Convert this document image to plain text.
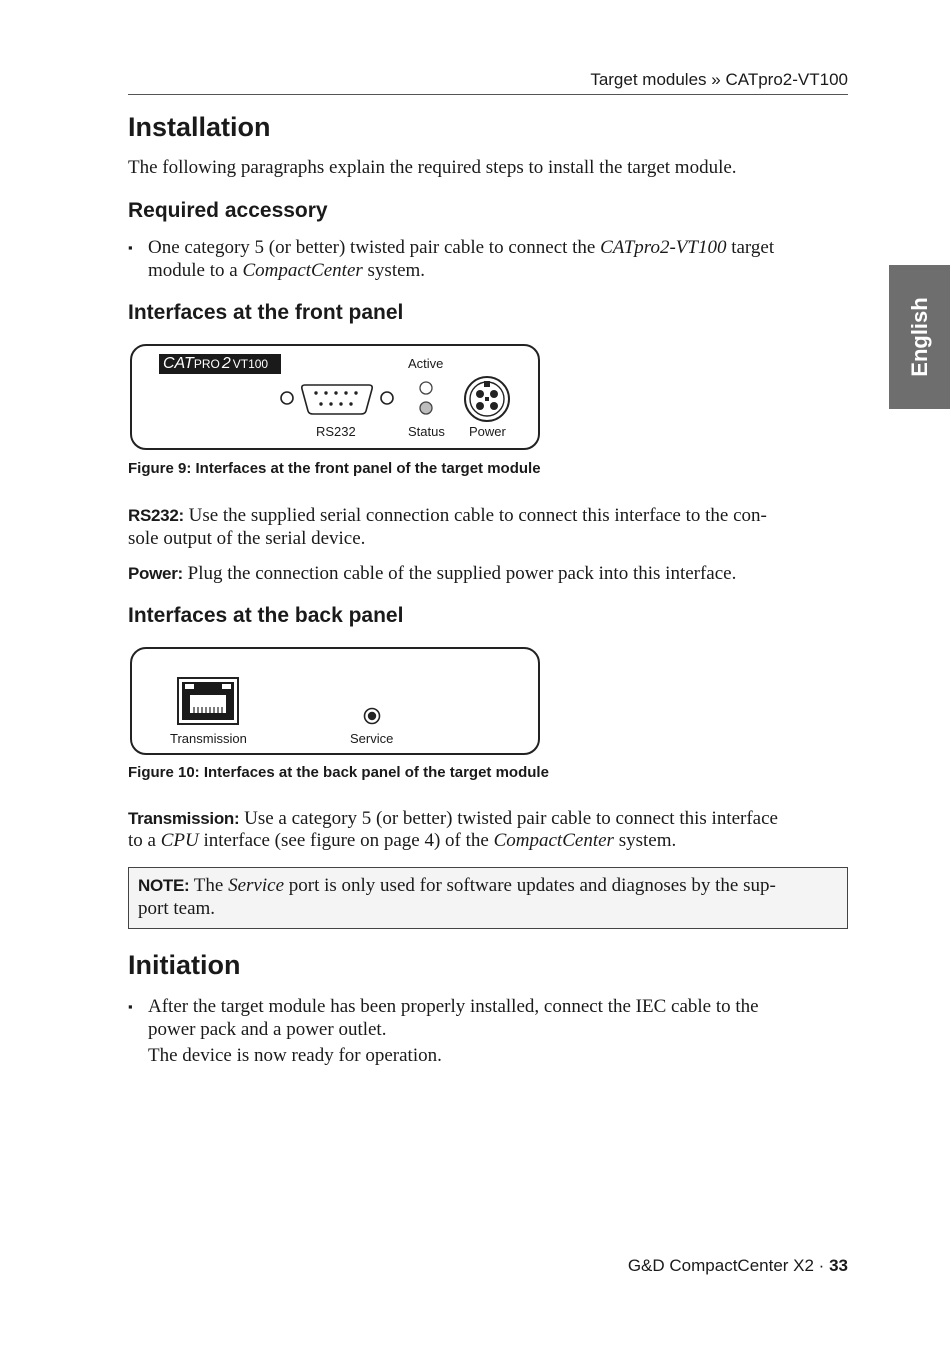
Target modules » CATpro2-VT100
English
Installation

The following paragraphs explain the required steps to install the target module.

Required accessory
▪ One category 5 (or better) twisted pair cable to connect the CATpro2-VT100 target

module to a CompactCenter system.

Interfaces at the front panel
CATPRO 2 VT100	Active
RS232	Status Power
Figure 9: Interfaces at the front panel of the target module

RS232: Use the supplied serial connection cable to connect this interface to the con-

sole output of the serial device.

Power: Plug the connection cable of the supplied power pack into this interface.

Interfaces at the back panel
Transmission	Service
Figure 10: Interfaces at the back panel of the target module

Transmission: Use a category 5 (or better) twisted pair cable to connect this interface

to a CPU interface (see figure on page 4) of the CompactCenter system.

NOTE: The Service port is only used for software updates and diagnoses by the sup-

port team.

Initiation
▪ After the target module has been properly installed, connect the IEC cable to the

power pack and a power outlet.

The device is now ready for operation.

G&D CompactCenter X2 · 33
